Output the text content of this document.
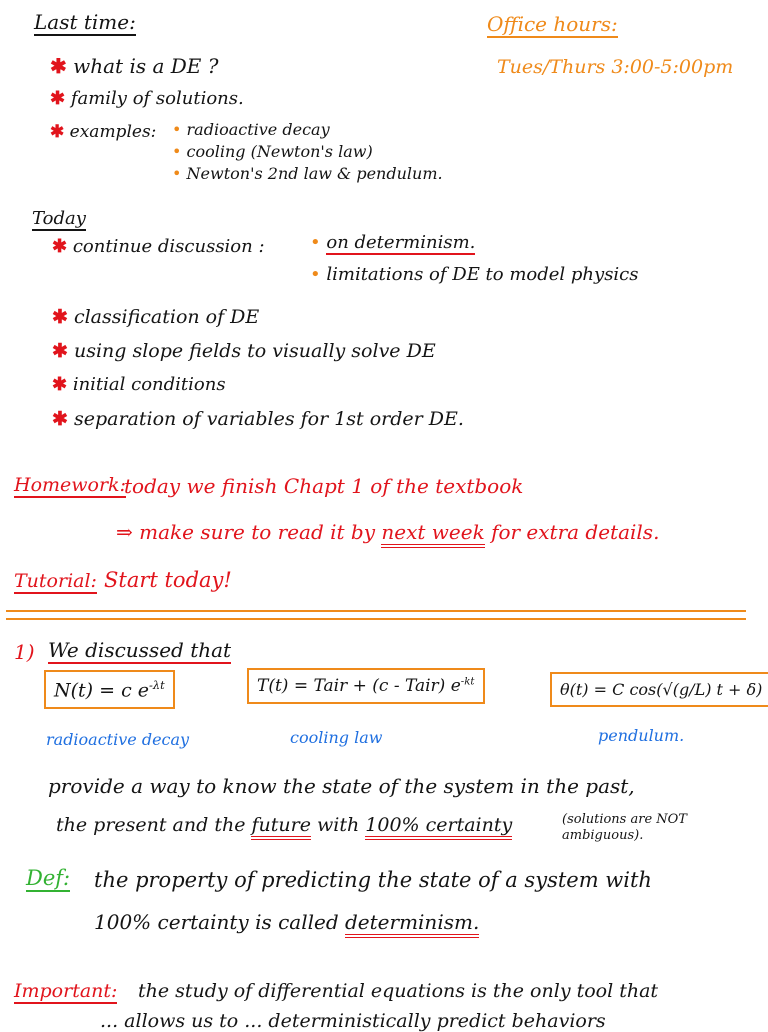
Last time:	Office hours:
Tues/Thurs 3:00-5:00pm
✱ what is a DE ?
✱ family of solutions.
✱ examples: • radioactive decay
• cooling (Newton's law)
• Newton's 2nd law & pendulum.
Today
✱ continue discussion :	• on determinism.
• limitations of DE to model physics
✱ classification of DE
✱ using slope fields to visually solve DE
✱ initial conditions
✱ separation of variables for 1st order DE.
Homework:
today we finish Chapt 1 of the textbook
⇒ make sure to read it by next week for extra details.
Tutorial: Start today!
1) We discussed that
N(t) = c $e^{-\lambda t}$
radioactive decay
T(t) = Tair + (c - Tair) $e^{-kt}$
cooling law
θ(t) = C cos(√(g/L) t + δ)
pendulum.
provide a way to know the state of the system in the past,
the present and the future with 100% certainty	(solutions are NOT ambiguous).
Def: the property of predicting the state of a system with
100% certainty is called determinism.
Important: the study of differential equations is the only tool that
... allows us to ... deterministically predict behaviors
